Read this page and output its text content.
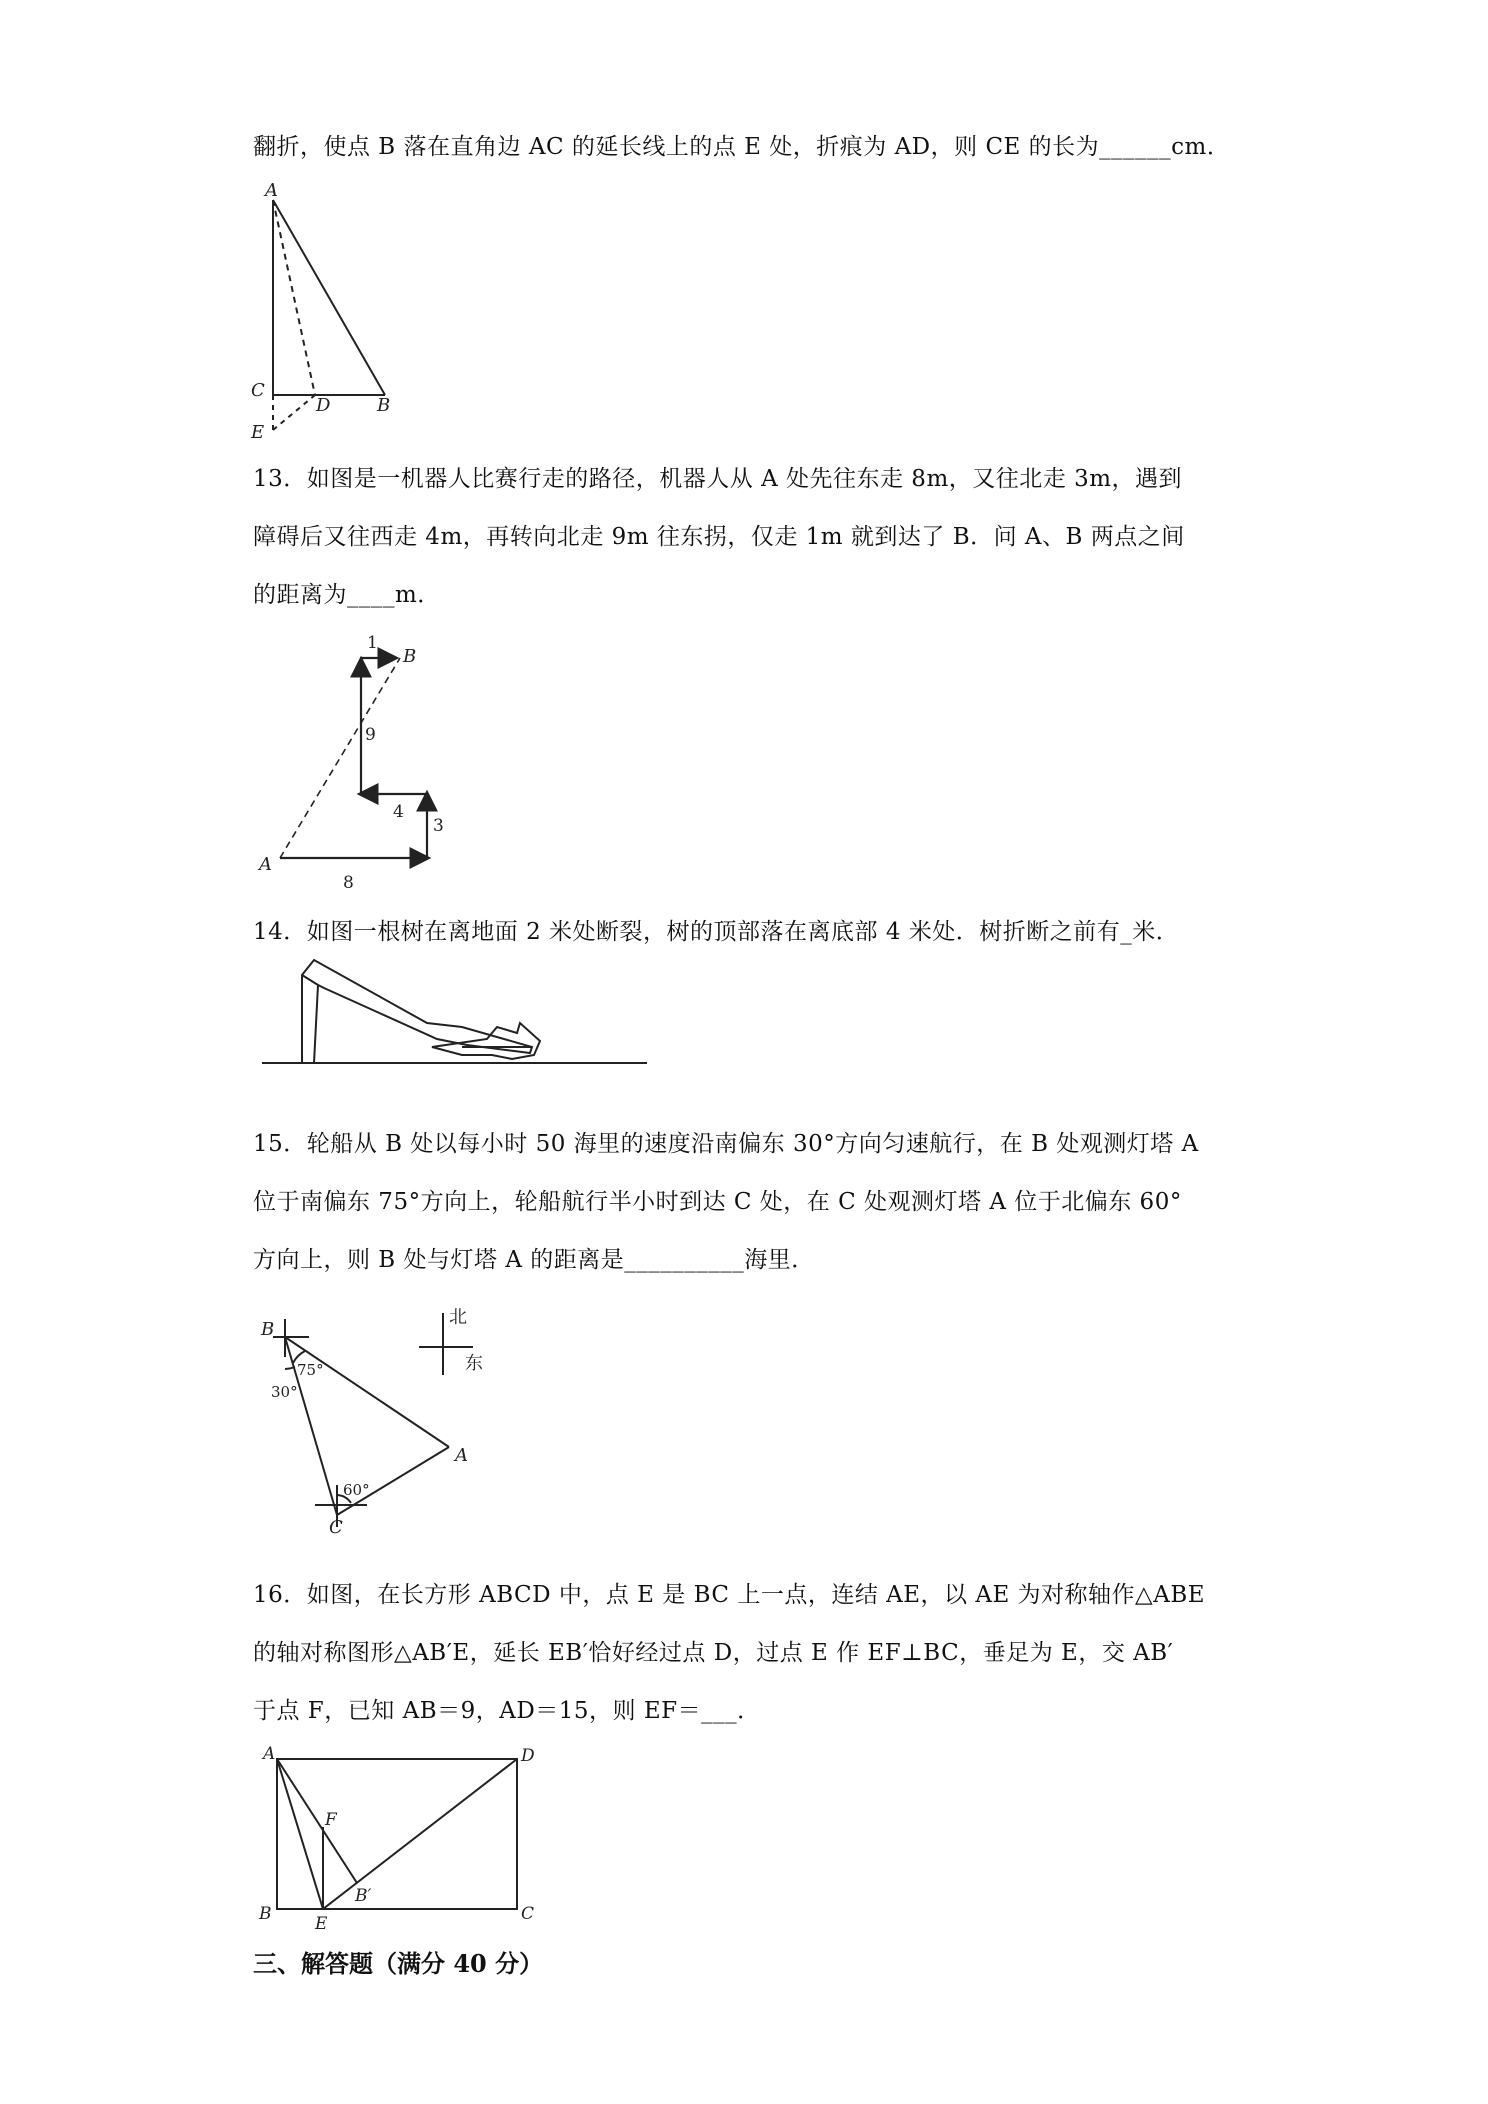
翻折，使点 B 落在直角边 AC 的延长线上的点 E 处，折痕为 AD，则 CE 的长为______cm．
13．如图是一机器人比赛行走的路径，机器人从 A 处先往东走 8m，又往北走 3m，遇到
障碍后又往西走 4m，再转向北走 9m 往东拐，仅走 1m 就到达了 B．问 A、B 两点之间
的距离为____m．
14．如图一根树在离地面 2 米处断裂，树的顶部落在离底部 4 米处．树折断之前有_米．
15．轮船从 B 处以每小时 50 海里的速度沿南偏东 30°方向匀速航行，在 B 处观测灯塔 A
位于南偏东 75°方向上，轮船航行半小时到达 C 处，在 C 处观测灯塔 A 位于北偏东 60°
方向上，则 B 处与灯塔 A 的距离是__________海里．
16．如图，在长方形 ABCD 中，点 E 是 BC 上一点，连结 AE，以 AE 为对称轴作△ABE
的轴对称图形△AB′E，延长 EB′恰好经过点 D，过点 E 作 EF⊥BC，垂足为 E，交 AB′
于点 F，已知 AB＝9，AD＝15，则 EF＝___．
三、解答题（满分 40 分）
A
C
D	B
E
A
B
8
3
4
9
1
B
C
A
北
东
75°
30°
60°
A	D
B	C
E
F
B′
